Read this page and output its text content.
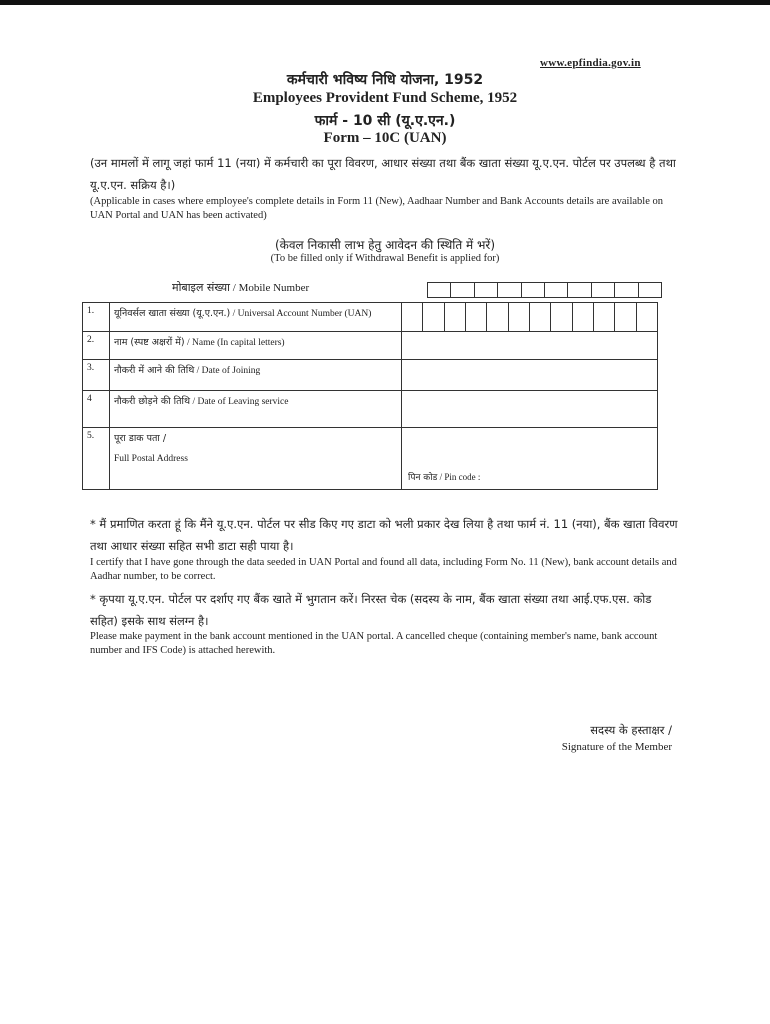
www.epfindia.gov.in
कर्मचारी भविष्य निधि योजना, 1952
Employees Provident Fund Scheme, 1952
फार्म - 10 सी (यू.ए.एन.)
Form – 10C (UAN)
(उन मामलों में लागू जहां फार्म 11 (नया) में कर्मचारी का पूरा विवरण, आधार संख्या तथा बैंक खाता संख्या यू.ए.एन. पोर्टल पर उपलब्ध है तथा यू.ए.एन. सक्रिय है।)
(Applicable in cases where employee's complete details in Form 11 (New), Aadhaar Number and Bank Accounts details are available on UAN Portal and UAN has been activated)
(केवल निकासी लाभ हेतु आवेदन की स्थिति में भरें)
(To be filled only if Withdrawal Benefit is applied for)
मोबाइल संख्या / Mobile Number
1.	यूनिवर्सल खाता संख्या (यू.ए.एन.) / Universal Account Number (UAN)	

2.	नाम (स्पष्ट अक्षरों में) / Name (In capital letters)	
3.	नौकरी में आने की तिथि / Date of Joining	
4	नौकरी छोड़ने की तिथि / Date of Leaving service	
5.	पूरा डाक पता /

Full Postal Address	
पिन कोड / Pin code :
* मैं प्रमाणित करता हूं कि मैंने यू.ए.एन. पोर्टल पर सीड किए गए डाटा को भली प्रकार देख लिया है तथा फार्म नं. 11 (नया), बैंक खाता विवरण तथा आधार संख्या सहित सभी डाटा सही पाया है।
I certify that I have gone through the data seeded in UAN Portal and found all data, including Form No. 11 (New), bank account details and Aadhar number, to be correct.
* कृपया यू.ए.एन. पोर्टल पर दर्शाए गए बैंक खाते में भुगतान करें। निरस्त चेक (सदस्य के नाम, बैंक खाता संख्या तथा आई.एफ.एस. कोड सहित) इसके साथ संलग्न है।
Please make payment in the bank account mentioned in the UAN portal. A cancelled cheque (containing member's name, bank account number and IFS Code) is attached herewith.
सदस्य के हस्ताक्षर /
Signature of the Member
